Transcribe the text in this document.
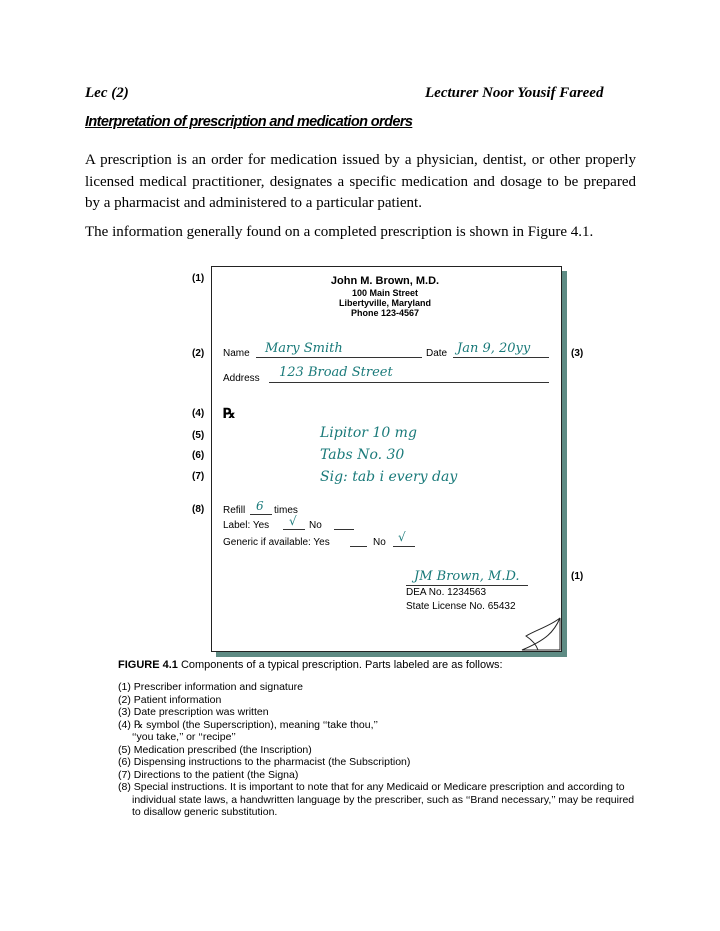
Lec (2)	Lecturer Noor Yousif Fareed
Interpretation of prescription and medication orders
A prescription is an order for medication issued by a physician, dentist, or other properly licensed medical practitioner, designates a specific medication and dosage to be prepared by a pharmacist and administered to a particular patient.
The information generally found on a completed prescription is shown in Figure 4.1.
(1)
(2)	(3)
(4)
(5)
(6)
(7)
(8)
(1)
John M. Brown, M.D.
100 Main Street
Libertyville, Maryland
Phone 123-4567
Name Mary Smith	Date Jan 9, 20yy
Address 123 Broad Street
℞
Lipitor 10 mg
Tabs No. 30
Sig: tab i every day
Refill 6 times
Label: Yes √ No
Generic if available: Yes	No √
JM Brown, M.D.
DEA No. 1234563
State License No. 65432
FIGURE 4.1 Components of a typical prescription. Parts labeled are as follows:
(1) Prescriber information and signature
(2) Patient information
(3) Date prescription was written
(4) ℞ symbol (the Superscription), meaning ‘‘take thou,’’
‘‘you take,’’ or ‘‘recipe’’
(5) Medication prescribed (the Inscription)
(6) Dispensing instructions to the pharmacist (the Subscription)
(7) Directions to the patient (the Signa)
(8) Special instructions. It is important to note that for any Medicaid or Medicare prescription and according to
individual state laws, a handwritten language by the prescriber, such as ‘‘Brand necessary,’’ may be required
to disallow generic substitution.
